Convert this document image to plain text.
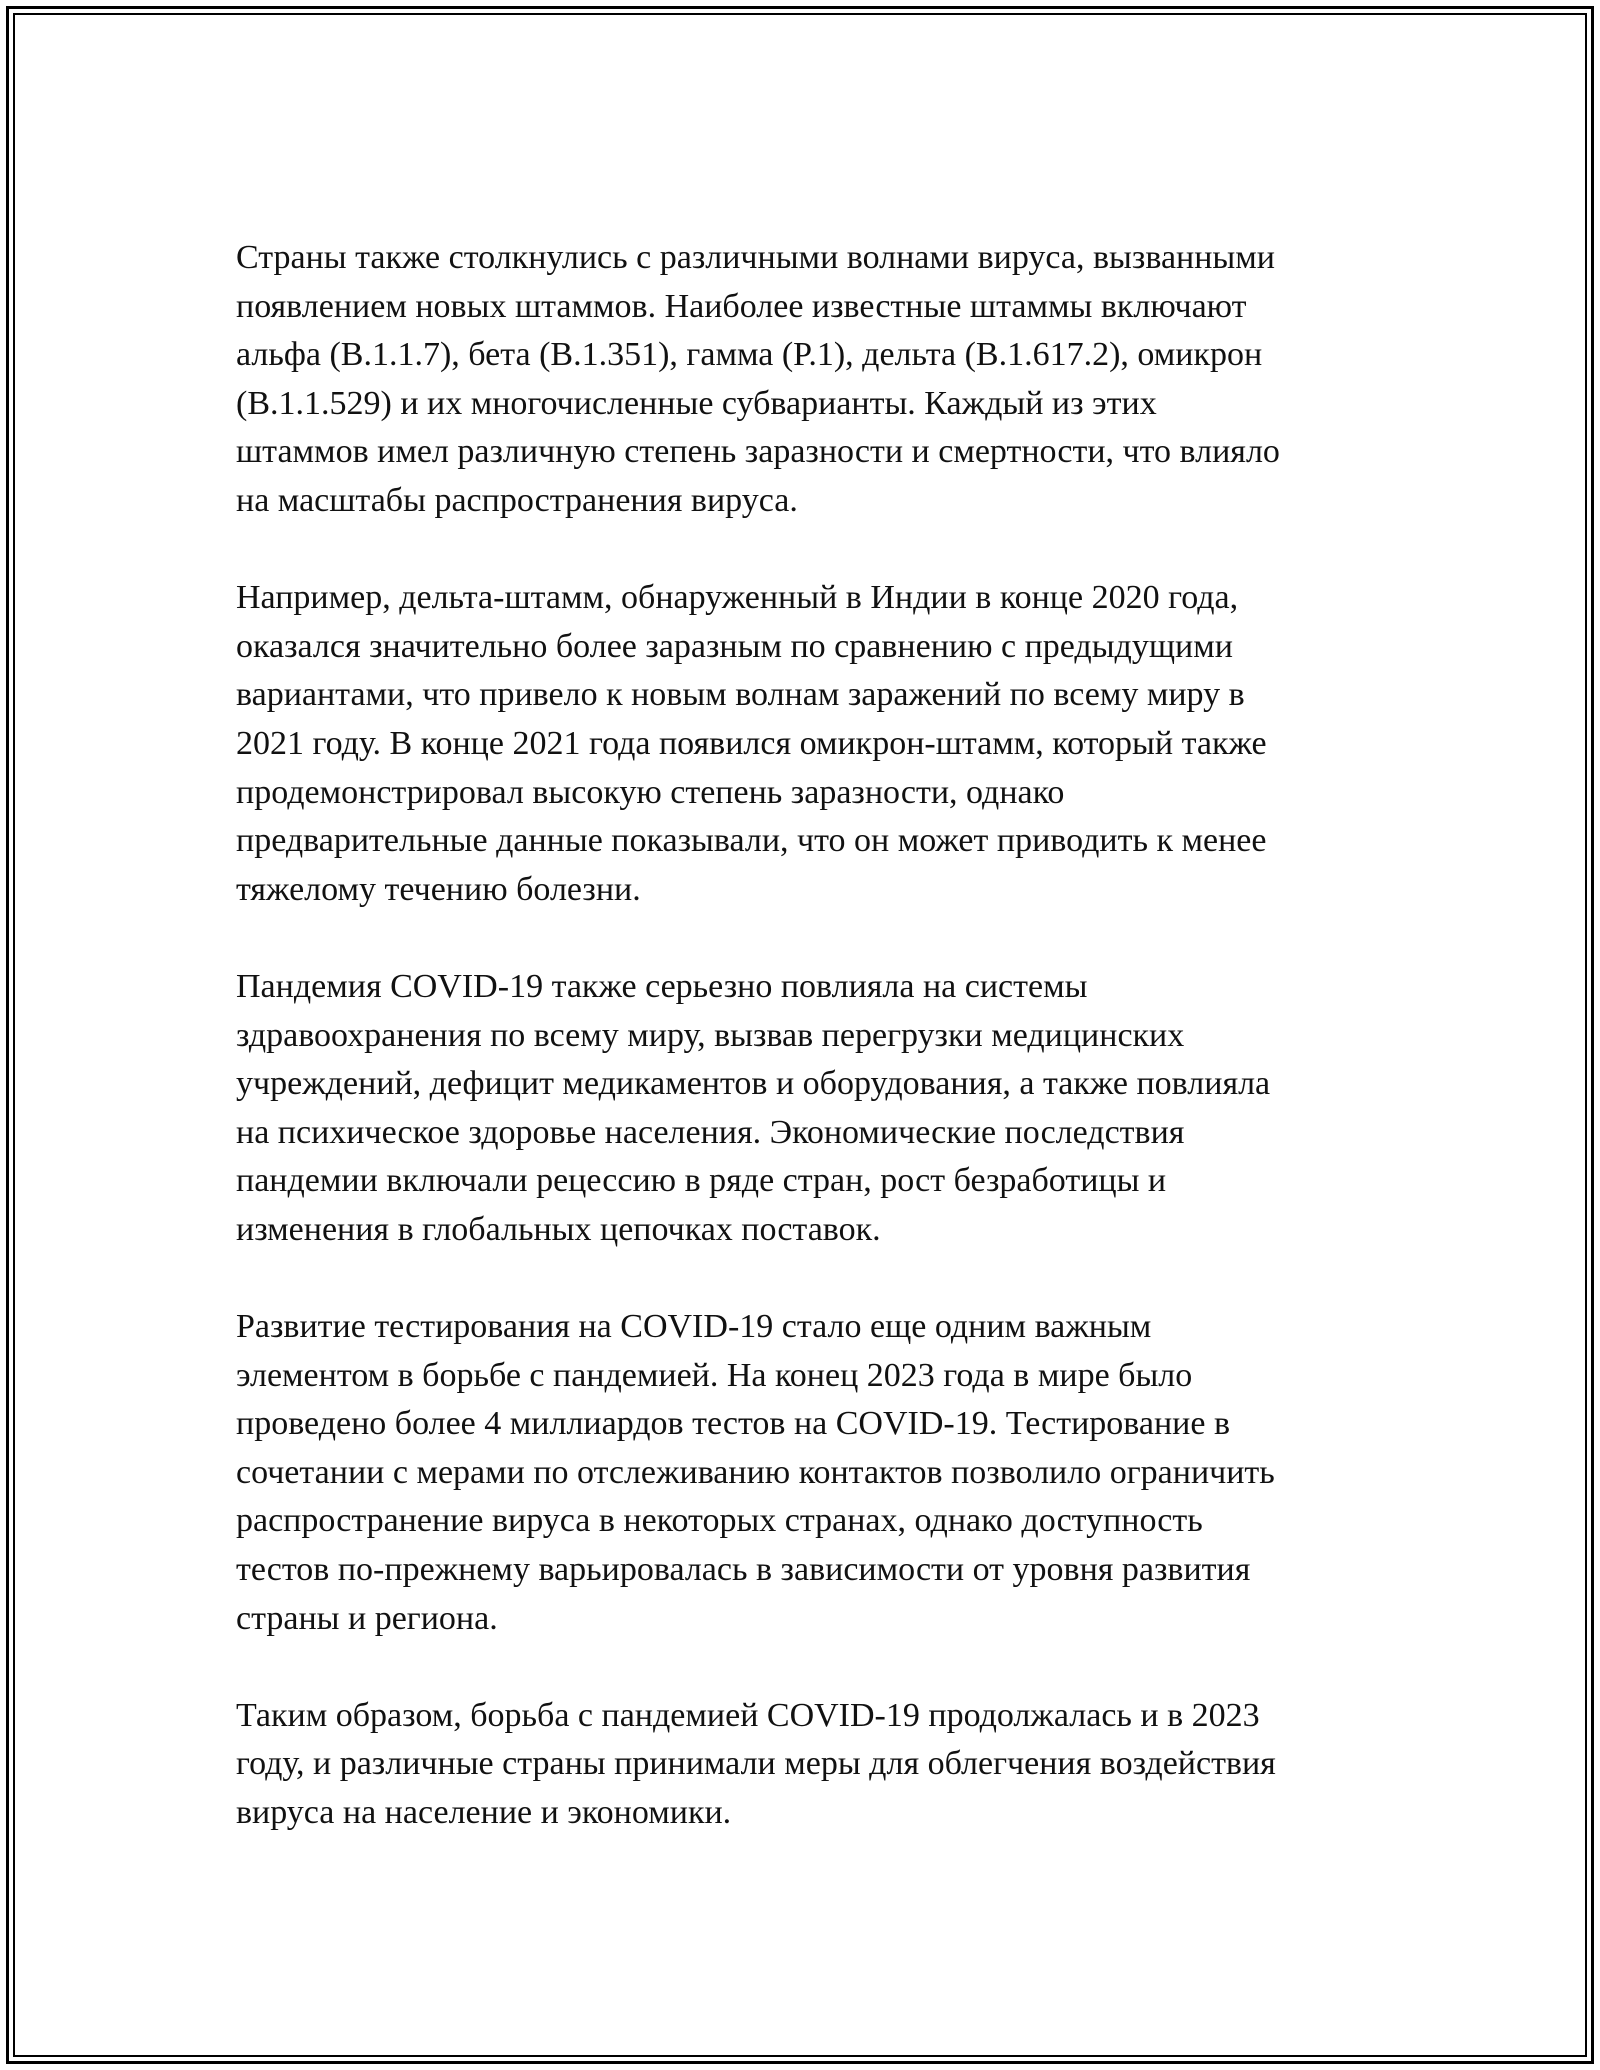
Страны также столкнулись с различными волнами вируса, вызванными
появлением новых штаммов. Наиболее известные штаммы включают
альфа (B.1.1.7), бета (B.1.351), гамма (P.1), дельта (B.1.617.2), омикрон
(B.1.1.529) и их многочисленные субварианты. Каждый из этих
штаммов имел различную степень заразности и смертности, что влияло
на масштабы распространения вируса.

Например, дельта-штамм, обнаруженный в Индии в конце 2020 года,
оказался значительно более заразным по сравнению с предыдущими
вариантами, что привело к новым волнам заражений по всему миру в
2021 году. В конце 2021 года появился омикрон-штамм, который также
продемонстрировал высокую степень заразности, однако
предварительные данные показывали, что он может приводить к менее
тяжелому течению болезни.

Пандемия COVID-19 также серьезно повлияла на системы
здравоохранения по всему миру, вызвав перегрузки медицинских
учреждений, дефицит медикаментов и оборудования, а также повлияла
на психическое здоровье населения. Экономические последствия
пандемии включали рецессию в ряде стран, рост безработицы и
изменения в глобальных цепочках поставок.

Развитие тестирования на COVID-19 стало еще одним важным
элементом в борьбе с пандемией. На конец 2023 года в мире было
проведено более 4 миллиардов тестов на COVID-19. Тестирование в
сочетании с мерами по отслеживанию контактов позволило ограничить
распространение вируса в некоторых странах, однако доступность
тестов по-прежнему варьировалась в зависимости от уровня развития
страны и региона.

Таким образом, борьба с пандемией COVID-19 продолжалась и в 2023
году, и различные страны принимали меры для облегчения воздействия
вируса на население и экономики.
